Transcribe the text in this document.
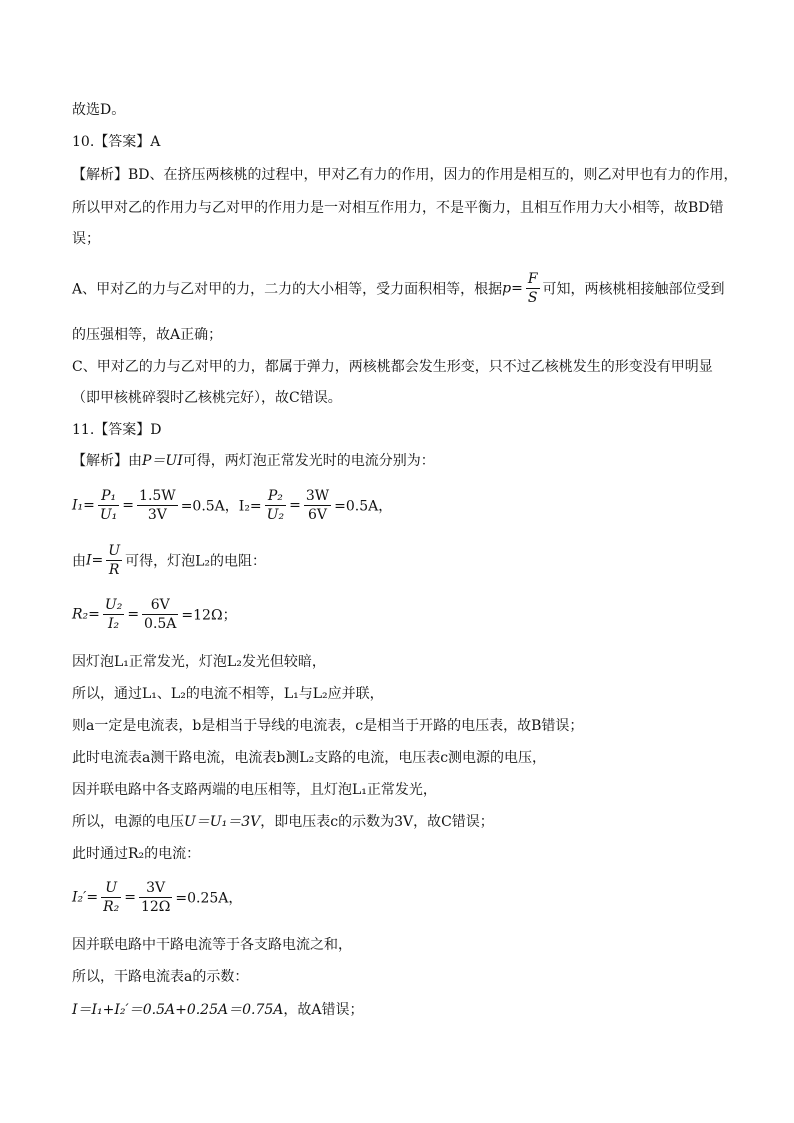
故选D。
10.【答案】A
【解析】BD、在挤压两核桃的过程中，甲对乙有力的作用，因力的作用是相互的，则乙对甲也有力的作用，
所以甲对乙的作用力与乙对甲的作用力是一对相互作用力，不是平衡力，且相互作用力大小相等，故BD错
误；
A、甲对乙的力与乙对甲的力，二力的大小相等，受力面积相等，根据$p= \frac{F}{S}$ 可知，两核桃相接触部位受到
的压强相等，故A正确；
C、甲对乙的力与乙对甲的力，都属于弹力，两核桃都会发生形变，只不过乙核桃发生的形变没有甲明显
（即甲核桃碎裂时乙核桃完好），故C错误。
11.【答案】D
【解析】由P＝UI可得，两灯泡正常发光时的电流分别为：
$I_1= \frac{\text{P₁}}{\text{U₁}} = \frac{1.5W}{3V} =0.5A$，$I_2= \frac{\text{P₂}}{\text{U₂}} = \frac{3W}{6V} =0.5A$，
由$I= \frac{U}{R}$ 可得，灯泡L₂的电阻：
$R_2= \frac{\text{U₂}}{\text{I₂}} = \frac{6V}{0.5A} =12\Omega$；
因灯泡L₁正常发光，灯泡L₂发光但较暗，
所以，通过L₁、L₂的电流不相等，L₁与L₂应并联，
则a一定是电流表，b是相当于导线的电流表，c是相当于开路的电压表，故B错误；
此时电流表a测干路电流，电流表b测L₂支路的电流，电压表c测电源的电压，
因并联电路中各支路两端的电压相等，且灯泡L₁正常发光，
所以，电源的电压U＝U₁＝3V，即电压表c的示数为3V，故C错误；
此时通过R₂的电流：
$I_2'= \frac{U}{\text{R₂}} = \frac{3V}{12\Omega} =0.25A$，
因并联电路中干路电流等于各支路电流之和，
所以，干路电流表a的示数：
I＝I₁+I₂′＝0.5A+0.25A＝0.75A，故A错误；
